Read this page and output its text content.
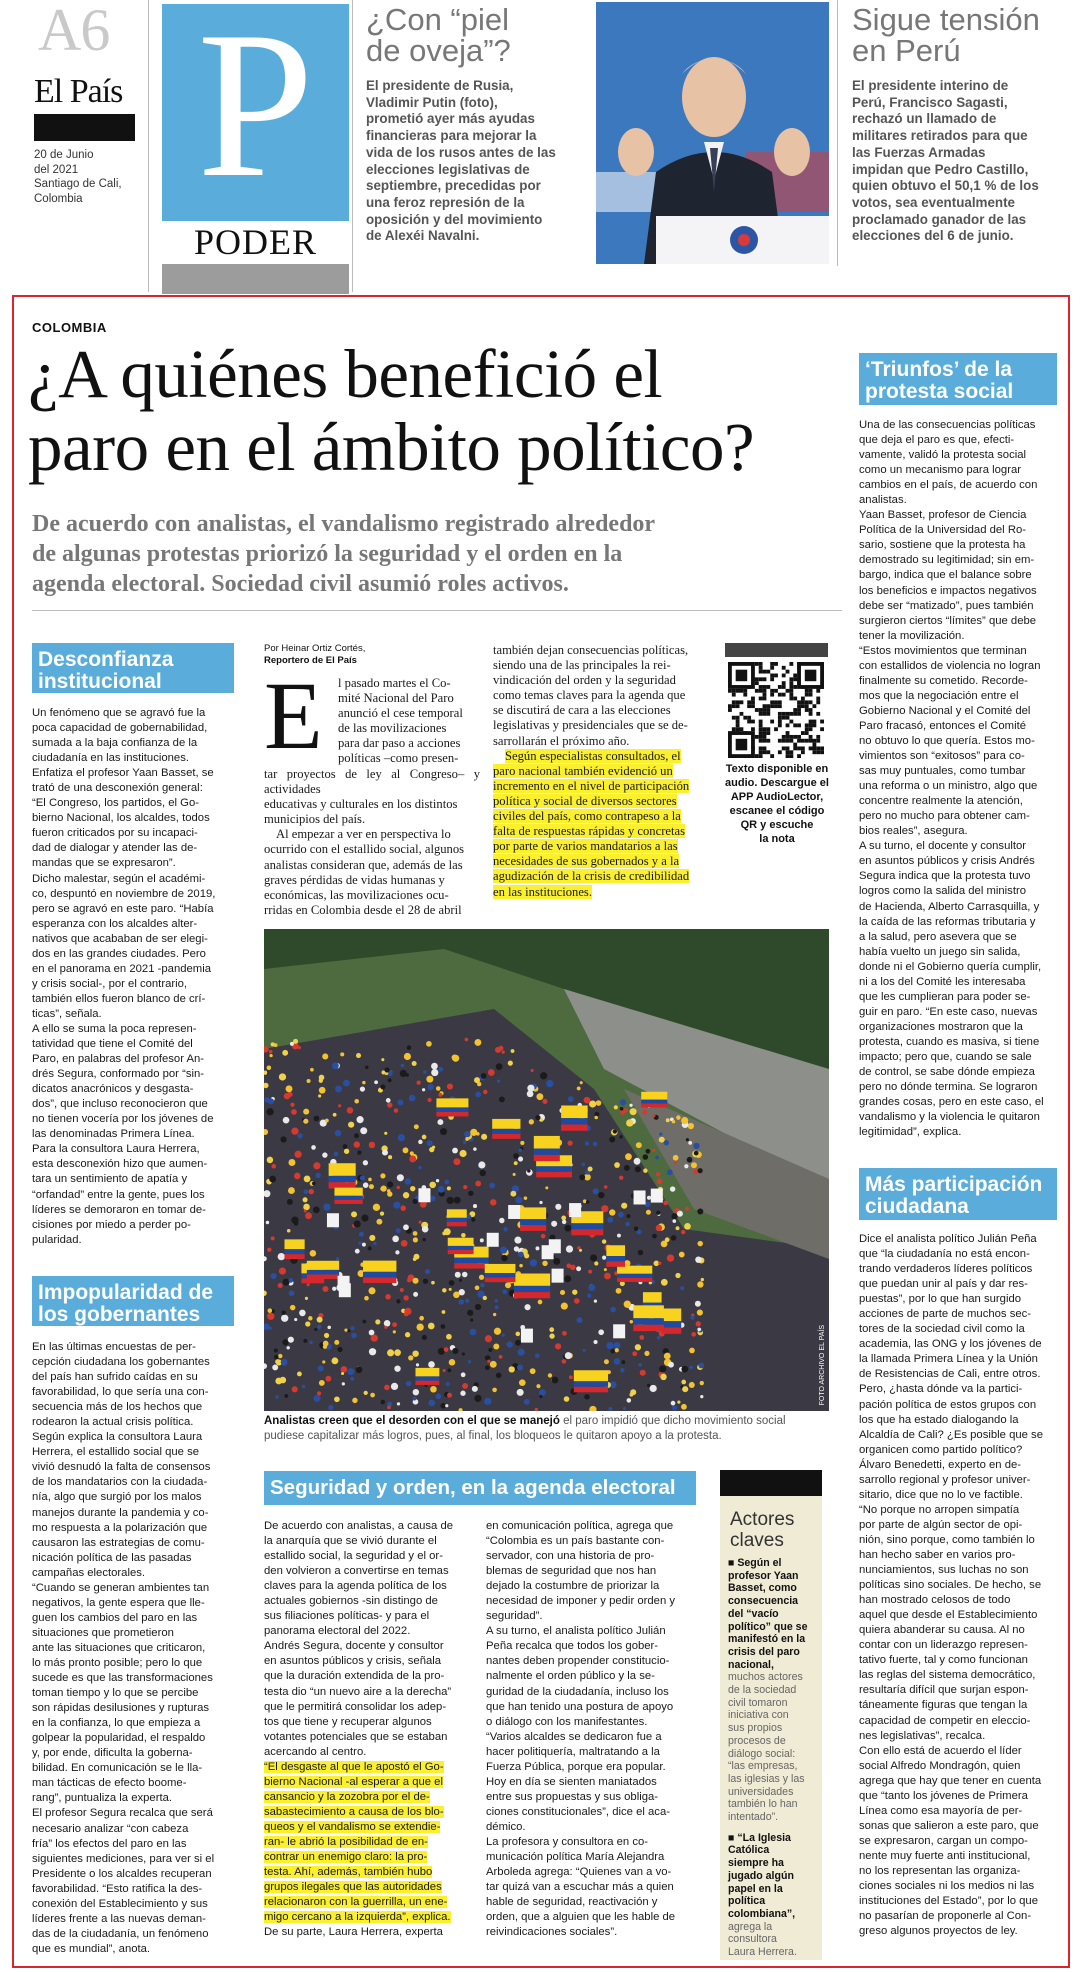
A6
El País
20 de Junio
del 2021
Santiago de Cali,
Colombia P
PODER
¿Con “piel
de oveja”?
El presidente de Rusia,
Vladimir Putin (foto),
prometió ayer más ayudas
financieras para mejorar la
vida de los rusos antes de las
elecciones legislativas de
septiembre, precedidas por
una feroz represión de la
oposición y del movimiento
de Alexéi Navalni.
Sigue tensión
en Perú
El presidente interino de
Perú, Francisco Sagasti,
rechazó un llamado de
militares retirados para que
las Fuerzas Armadas
impidan que Pedro Castillo,
quien obtuvo el 50,1 % de los
votos, sea eventualmente
proclamado ganador de las
elecciones del 6 de junio.
COLOMBIA
¿A quiénes benefició el
paro en el ámbito político?
De acuerdo con analistas, el vandalismo registrado alrededor
de algunas protestas priorizó la seguridad y el orden en la
agenda electoral. Sociedad civil asumió roles activos.
Desconfianza
institucional
Un fenómeno que se agravó fue la
poca capacidad de gobernabilidad,
sumada a la baja confianza de la
ciudadanía en las instituciones.
Enfatiza el profesor Yaan Basset, se
trató de una desconexión general:
“El Congreso, los partidos, el Go-
bierno Nacional, los alcaldes, todos
fueron criticados por su incapaci-
dad de dialogar y atender las de-
mandas que se expresaron”.
Dicho malestar, según el académi-
co, despuntó en noviembre de 2019,
pero se agravó en este paro. “Había
esperanza con los alcaldes alter-
nativos que acababan de ser elegi-
dos en las grandes ciudades. Pero
en el panorama en 2021 -pandemia
y crisis social-, por el contrario,
también ellos fueron blanco de crí-
ticas”, señala.
A ello se suma la poca represen-
tatividad que tiene el Comité del
Paro, en palabras del profesor An-
drés Segura, conformado por “sin-
dicatos anacrónicos y desgasta-
dos”, que incluso reconocieron que
no tienen vocería por los jóvenes de
las denominadas Primera Línea.
Para la consultora Laura Herrera,
esta desconexión hizo que aumen-
tara un sentimiento de apatía y
“orfandad” entre la gente, pues los
líderes se demoraron en tomar de-
cisiones por miedo a perder po-
pularidad.
Impopularidad de
los gobernantes
En las últimas encuestas de per-
cepción ciudadana los gobernantes
del país han sufrido caídas en su
favorabilidad, lo que sería una con-
secuencia más de los hechos que
rodearon la actual crisis política.
Según explica la consultora Laura
Herrera, el estallido social que se
vivió desnudó la falta de consensos
de los mandatarios con la ciudada-
nía, algo que surgió por los malos
manejos durante la pandemia y co-
mo respuesta a la polarización que
causaron las estrategias de comu-
nicación política de las pasadas
campañas electorales.
“Cuando se generan ambientes tan
negativos, la gente espera que lle-
guen los cambios del paro en las
situaciones que prometieron
ante las situaciones que criticaron,
lo más pronto posible; pero lo que
sucede es que las transformaciones
toman tiempo y lo que se percibe
son rápidas desilusiones y rupturas
en la confianza, lo que empieza a
golpear la popularidad, el respaldo
y, por ende, dificulta la goberna-
bilidad. En comunicación se le lla-
man tácticas de efecto boome-
rang”, puntualiza la experta.
El profesor Segura recalca que será
necesario analizar “con cabeza
fría” los efectos del paro en las
siguientes mediciones, para ver si el
Presidente o los alcaldes recuperan
favorabilidad. “Esto ratifica la des-
conexión del Establecimiento y sus
líderes frente a las nuevas deman-
das de la ciudadanía, un fenómeno
que es mundial”, anota.
Por Heinar Ortiz Cortés,
Reportero de El País
E l pasado martes el Co-
mité Nacional del Paro
anunció el cese temporal
de las movilizaciones
para dar paso a acciones
políticas –como presen-
tar proyectos de ley al Congreso– y actividades
educativas y culturales en los distintos
municipios del país.
Al empezar a ver en perspectiva lo
ocurrido con el estallido social, algunos
analistas consideran que, además de las
graves pérdidas de vidas humanas y
económicas, las movilizaciones ocu-
rridas en Colombia desde el 28 de abril
también dejan consecuencias políticas,
siendo una de las principales la rei-
vindicación del orden y la seguridad
como temas claves para la agenda que
se discutirá de cara a las elecciones
legislativas y presidenciales que se de-
sarrollarán el próximo año.
Según especialistas consultados, el
paro nacional también evidenció un
incremento en el nivel de participación
política y social de diversos sectores
civiles del país, como contrapeso a la
falta de respuestas rápidas y concretas
por parte de varios mandatarios a las
necesidades de sus gobernados y a la
agudización de la crisis de credibilidad
en las instituciones.
Texto disponible en
audio. Descargue el
APP AudioLector,
escanee el código
QR y escuche
la nota
FOTO ARCHIVO EL PAÍS
Analistas creen que el desorden con el que se manejó el paro impidió que dicho movimiento social pudiese capitalizar más logros, pues, al final, los bloqueos le quitaron apoyo a la protesta.
Seguridad y orden, en la agenda electoral
De acuerdo con analistas, a causa de
la anarquía que se vivió durante el
estallido social, la seguridad y el or-
den volvieron a convertirse en temas
claves para la agenda política de los
actuales gobiernos -sin distingo de
sus filiaciones políticas- y para el
panorama electoral del 2022.
Andrés Segura, docente y consultor
en asuntos públicos y crisis, señala
que la duración extendida de la pro-
testa dio “un nuevo aire a la derecha”
que le permitirá consolidar los adep-
tos que tiene y recuperar algunos
votantes potenciales que se estaban
acercando al centro.
“El desgaste al que le apostó el Go-
bierno Nacional -al esperar a que el
cansancio y la zozobra por el de-
sabastecimiento a causa de los blo-
queos y el vandalismo se extendie-
ran- le abrió la posibilidad de en-
contrar un enemigo claro: la pro-
testa. Ahí, además, también hubo
grupos ilegales que las autoridades
relacionaron con la guerrilla, un ene-
migo cercano a la izquierda”, explica.
De su parte, Laura Herrera, experta
en comunicación política, agrega que
“Colombia es un país bastante con-
servador, con una historia de pro-
blemas de seguridad que nos han
dejado la costumbre de priorizar la
necesidad de imponer y pedir orden y
seguridad”.
A su turno, el analista político Julián
Peña recalca que todos los gober-
nantes deben propender constitucio-
nalmente el orden público y la se-
guridad de la ciudadanía, incluso los
que han tenido una postura de apoyo
o diálogo con los manifestantes.
“Varios alcaldes se dedicaron fue a
hacer politiquería, maltratando a la
Fuerza Pública, porque era popular.
Hoy en día se sienten maniatados
entre sus propuestas y sus obliga-
ciones constitucionales”, dice el aca-
démico.
La profesora y consultora en co-
municación política María Alejandra
Arboleda agrega: “Quienes van a vo-
tar quizá van a escuchar más a quien
hable de seguridad, reactivación y
orden, que a alguien que les hable de
reivindicaciones sociales”.
Actores
claves
■ Según el
profesor Yaan
Basset, como
consecuencia
del “vacío
político” que se
manifestó en la
crisis del paro
nacional,
muchos actores
de la sociedad
civil tomaron
iniciativa con
sus propios
procesos de
diálogo social:
“las empresas,
las iglesias y las
universidades
también lo han
intentado”.
■ “La Iglesia
Católica
siempre ha
jugado algún
papel en la
política
colombiana”,
agrega la
consultora
Laura Herrera.
‘Triunfos’ de la
protesta social
Una de las consecuencias políticas
que deja el paro es que, efecti-
vamente, validó la protesta social
como un mecanismo para lograr
cambios en el país, de acuerdo con
analistas.
Yaan Basset, profesor de Ciencia
Política de la Universidad del Ro-
sario, sostiene que la protesta ha
demostrado su legitimidad; sin em-
bargo, indica que el balance sobre
los beneficios e impactos negativos
debe ser “matizado”, pues también
surgieron ciertos “límites” que debe
tener la movilización.
“Estos movimientos que terminan
con estallidos de violencia no logran
finalmente su cometido. Recorde-
mos que la negociación entre el
Gobierno Nacional y el Comité del
Paro fracasó, entonces el Comité
no obtuvo lo que quería. Estos mo-
vimientos son “exitosos” para co-
sas muy puntuales, como tumbar
una reforma o un ministro, algo que
concentre realmente la atención,
pero no mucho para obtener cam-
bios reales”, asegura.
A su turno, el docente y consultor
en asuntos públicos y crisis Andrés
Segura indica que la protesta tuvo
logros como la salida del ministro
de Hacienda, Alberto Carrasquilla, y
la caída de las reformas tributaria y
a la salud, pero asevera que se
había vuelto un juego sin salida,
donde ni el Gobierno quería cumplir,
ni a los del Comité les interesaba
que les cumplieran para poder se-
guir en paro. “En este caso, nuevas
organizaciones mostraron que la
protesta, cuando es masiva, si tiene
impacto; pero que, cuando se sale
de control, se sabe dónde empieza
pero no dónde termina. Se lograron
grandes cosas, pero en este caso, el
vandalismo y la violencia le quitaron
legitimidad”, explica.
Más participación
ciudadana
Dice el analista político Julián Peña
que “la ciudadanía no está encon-
trando verdaderos líderes políticos
que puedan unir al país y dar res-
puestas”, por lo que han surgido
acciones de parte de muchos sec-
tores de la sociedad civil como la
academia, las ONG y los jóvenes de
la llamada Primera Línea y la Unión
de Resistencias de Cali, entre otros.
Pero, ¿hasta dónde va la partici-
pación política de estos grupos con
los que ha estado dialogando la
Alcaldía de Cali? ¿Es posible que se
organicen como partido político?
Álvaro Benedetti, experto en de-
sarrollo regional y profesor univer-
sitario, dice que no lo ve factible.
“No porque no arropen simpatía
por parte de algún sector de opi-
nión, sino porque, como también lo
han hecho saber en varios pro-
nunciamientos, sus luchas no son
políticas sino sociales. De hecho, se
han mostrado celosos de todo
aquel que desde el Establecimiento
quiera abanderar su causa. Al no
contar con un liderazgo represen-
tativo fuerte, tal y como funcionan
las reglas del sistema democrático,
resultaría difícil que surjan espon-
táneamente figuras que tengan la
capacidad de competir en eleccio-
nes legislativas”, recalca.
Con ello está de acuerdo el líder
social Alfredo Mondragón, quien
agrega que hay que tener en cuenta
que “tanto los jóvenes de Primera
Línea como esa mayoría de per-
sonas que salieron a este paro, que
se expresaron, cargan un compo-
nente muy fuerte anti institucional,
no los representan las organiza-
ciones sociales ni los medios ni las
instituciones del Estado”, por lo que
no pasarían de proponerle al Con-
greso algunos proyectos de ley.
